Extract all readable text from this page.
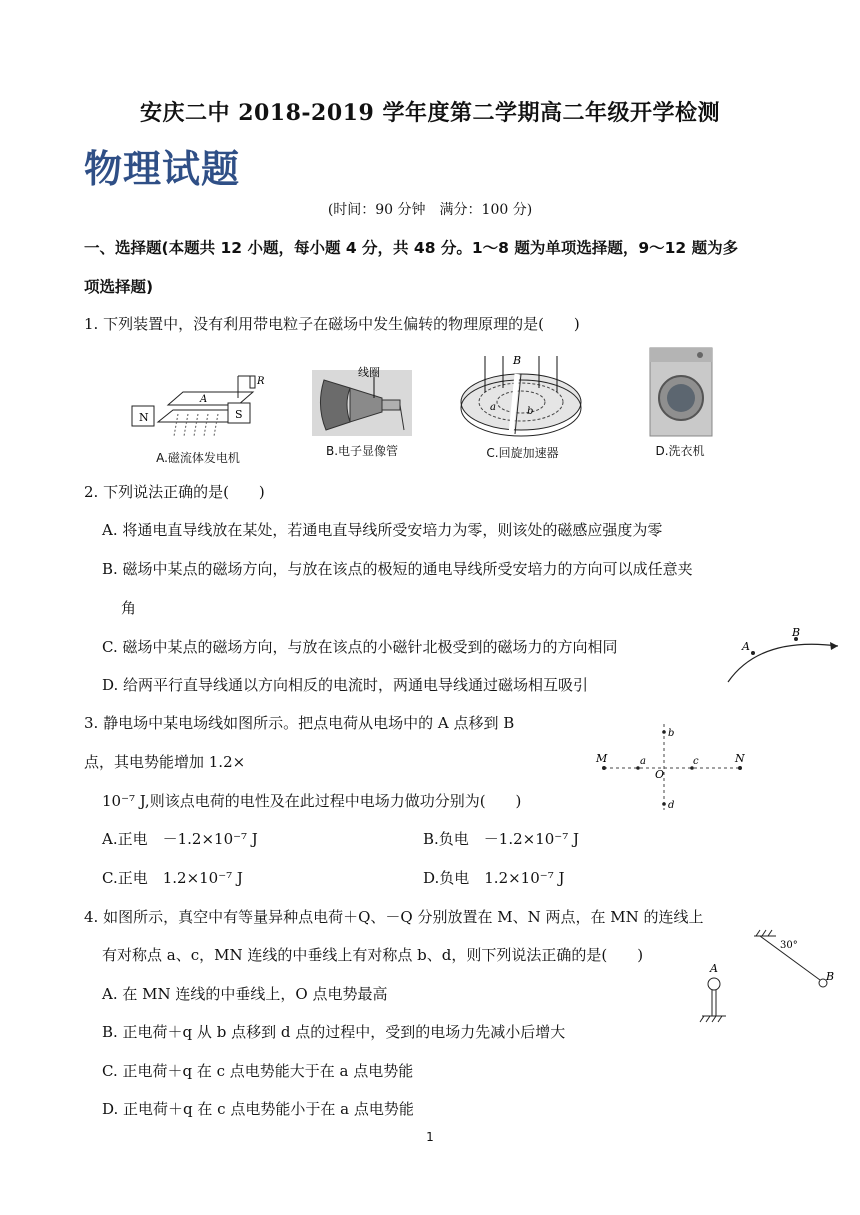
安庆二中 2018-2019 学年度第二学期高二年级开学检测
物理试题
(时间：90 分钟　满分：100 分)
一、选择题(本题共 12 小题，每小题 4 分，共 48 分。1～8 题为单项选择题，9～12 题为多
项选择题)
1. 下列装置中，没有利用带电粒子在磁场中发生偏转的物理原理的是(　　)
N	S
A
R
A.磁流体发电机
线圈
B.电子显像管
B
a	b
C.回旋加速器	D.洗衣机
2. 下列说法正确的是(　　)
A. 将通电直导线放在某处，若通电直导线所受安培力为零，则该处的磁感应强度为零
B. 磁场中某点的磁场方向，与放在该点的极短的通电导线所受安培力的方向可以成任意夹
角
C. 磁场中某点的磁场方向，与放在该点的小磁针北极受到的磁场力的方向相同
D. 给两平行直导线通以方向相反的电流时，两通电导线通过磁场相互吸引
A
B
3. 静电场中某电场线如图所示。把点电荷从电场中的 A 点移到 B
点，其电势能增加 1.2×
10⁻⁷ J,则该点电荷的电性及在此过程中电场力做功分别为(　　)
A.正电　－1.2×10⁻⁷ J	B.负电　－1.2×10⁻⁷ J
C.正电　1.2×10⁻⁷ J	D.负电　1.2×10⁻⁷ J
M	a
O
c	N
b
d
4. 如图所示，真空中有等量异种点电荷＋Q、－Q 分别放置在 M、N 两点，在 MN 的连线上
有对称点 a、c，MN 连线的中垂线上有对称点 b、d，则下列说法正确的是(　　)
A. 在 MN 连线的中垂线上，O 点电势最高
B. 正电荷＋q 从 b 点移到 d 点的过程中，受到的电场力先减小后增大
C. 正电荷＋q 在 c 点电势能大于在 a 点电势能
D. 正电荷＋q 在 c 点电势能小于在 a 点电势能
30°
B
A
1
